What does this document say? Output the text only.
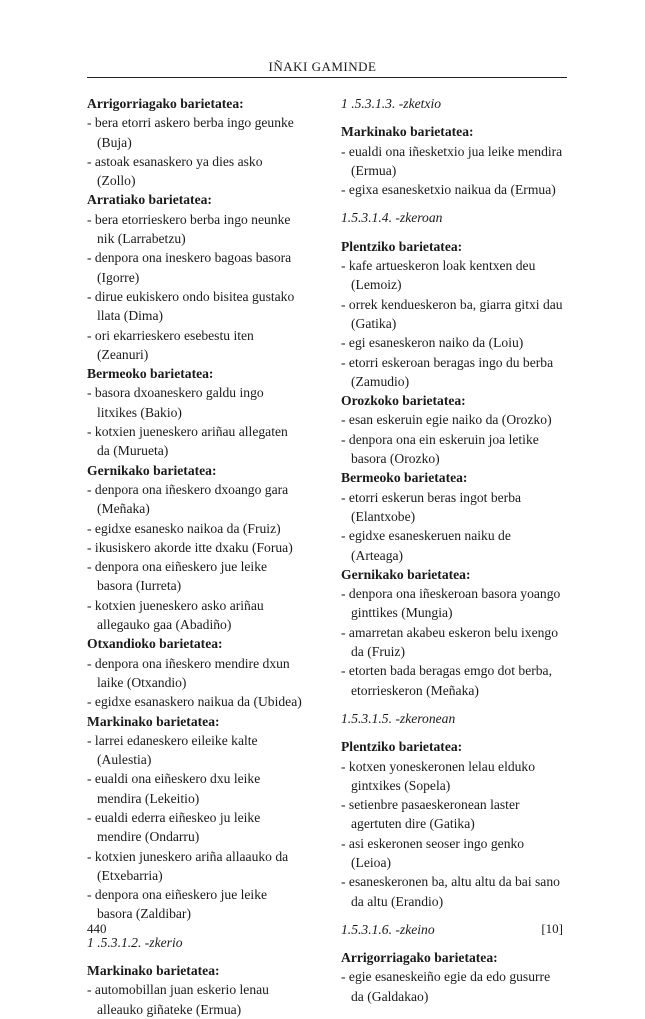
IÑAKI GAMINDE
Arrigorriagako barietatea:
- bera etorri askero berba ingo geunke (Buja)
- astoak esanaskero ya dies asko (Zollo)
Arratiako barietatea:
- bera etorrieskero berba ingo neunke nik (Larrabetzu)
- denpora ona ineskero bagoas basora (Igorre)
- dirue eukiskero ondo bisitea gustako llata (Dima)
- ori ekarrieskero esebestu iten (Zeanuri)
Bermeoko barietatea:
- basora dxoaneskero galdu ingo litxikes (Bakio)
- kotxien jueneskero ariñau allegaten da (Murueta)
Gernikako barietatea:
- denpora ona iñeskero dxoango gara (Meñaka)
- egidxe esanesko naikoa da (Fruiz)
- ikusiskero akorde itte dxaku (Forua)
- denpora ona eiñeskero jue leike basora (Iurreta)
- kotxien jueneskero asko ariñau allegauko gaa (Abadiño)
Otxandioko barietatea:
- denpora ona iñeskero mendire dxun laike (Otxandio)
- egidxe esanaskero naikua da (Ubidea)
Markinako barietatea:
- larrei edaneskero eileike kalte (Aulestia)
- eualdi ona eiñeskero dxu leike mendira (Lekeitio)
- eualdi ederra eiñeskeo ju leike mendire (Ondarru)
- kotxien juneskero ariña allaauko da (Etxebarria)
- denpora ona eiñeskero jue leike basora (Zaldibar)
1 .5.3.1.2. -zkerio
Markinako barietatea:
- automobillan juan eskerio lenau alleauko giñateke (Ermua)
1 .5.3.1.3. -zketxio
Markinako barietatea:
- eualdi ona iñesketxio jua leike mendira (Ermua)
- egixa esanesketxio naikua da (Ermua)
1.5.3.1.4. -zkeroan
Plentziko barietatea:
- kafe artueskeron loak kentxen deu (Lemoiz)
- orrek kendueskeron ba, giarra gitxi dau (Gatika)
- egi esaneskeron naiko da (Loiu)
- etorri eskeroan beragas ingo du berba (Zamudio)
Orozkoko barietatea:
- esan eskeruin egie naiko da (Orozko)
- denpora ona ein eskeruin joa letike basora (Orozko)
Bermeoko barietatea:
- etorri eskerun beras ingot berba (Elantxobe)
- egidxe esaneskeruen naiku de (Arteaga)
Gernikako barietatea:
- denpora ona iñeskeroan basora yoango ginttikes (Mungia)
- amarretan akabeu eskeron belu ixengo da (Fruiz)
- etorten bada beragas emgo dot berba, etorrieskeron (Meñaka)
1.5.3.1.5. -zkeronean
Plentziko barietatea:
- kotxen yoneskeronen lelau elduko gintxikes (Sopela)
- setienbre pasaeskeronean laster agertuten dire (Gatika)
- asi eskeronen seoser ingo genko (Leioa)
- esaneskeronen ba, altu altu da bai sano da altu (Erandio)
1.5.3.1.6. -zkeino
Arrigorriagako barietatea:
- egie esaneskeiño egie da edo gusurre da (Galdakao)
440	[10]
